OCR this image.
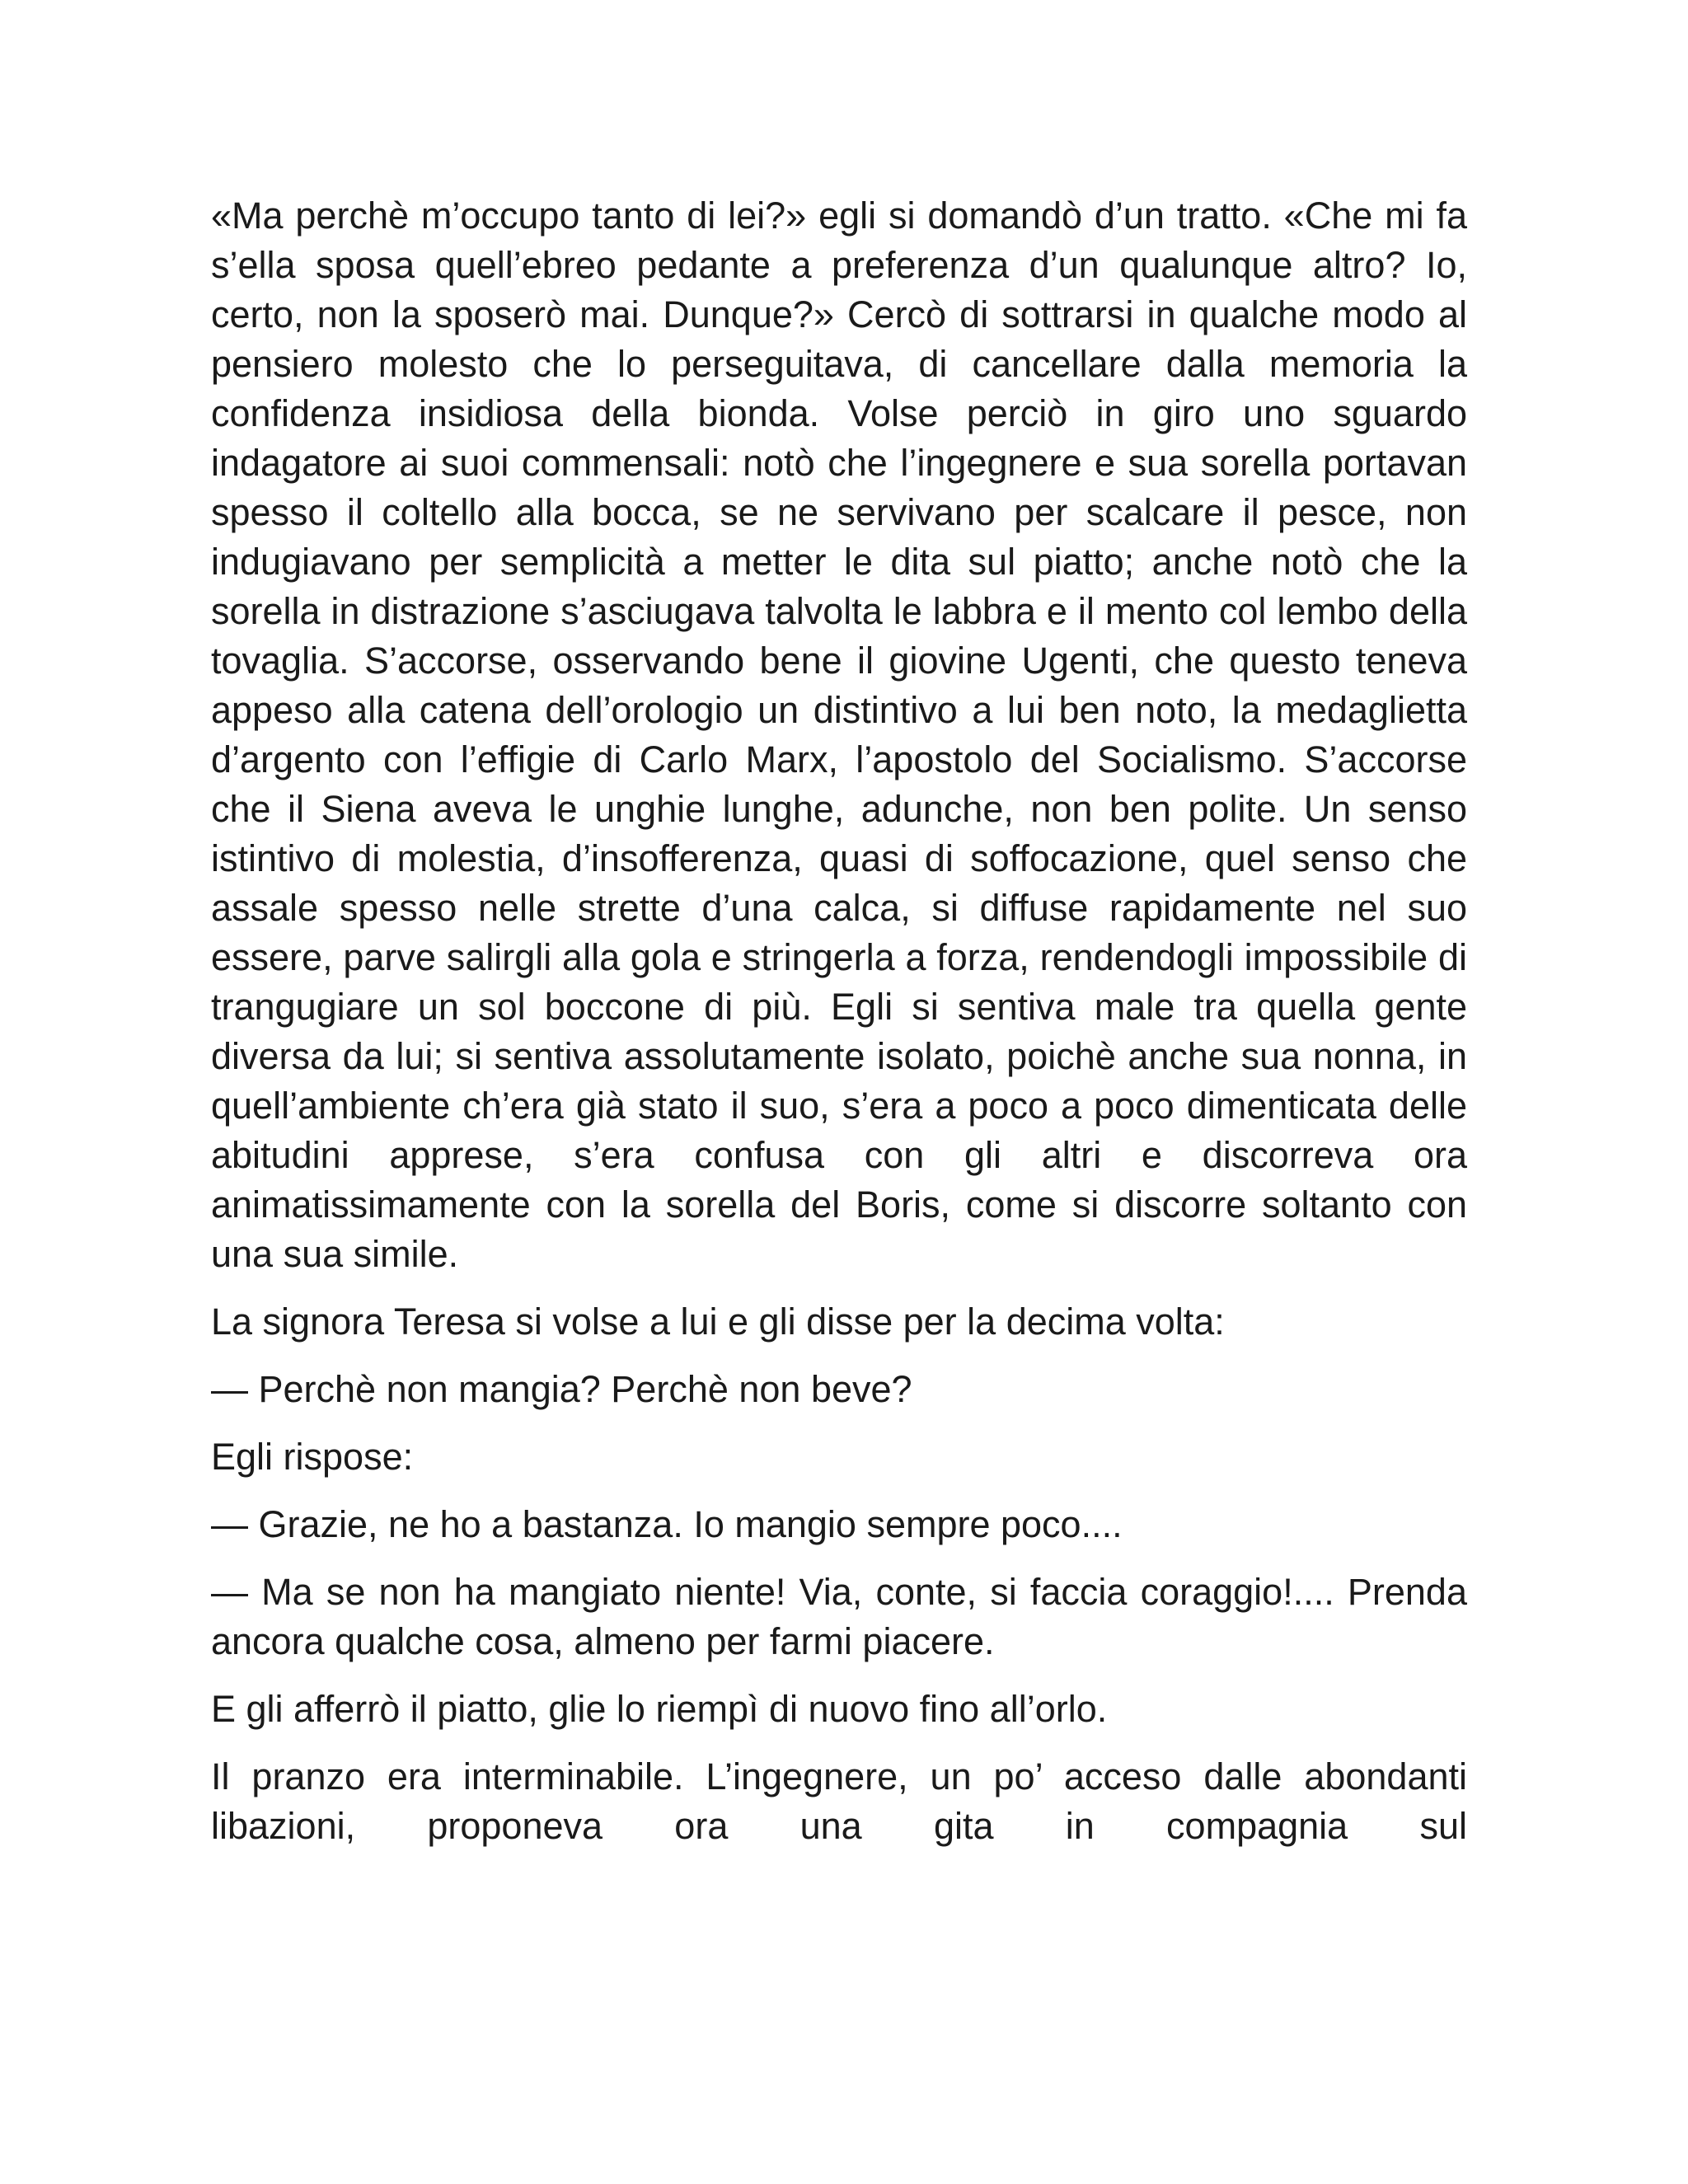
«Ma perchè m’occupo tanto di lei?» egli si domandò d’un tratto. «Che mi fa s’ella sposa quell’ebreo pedante a preferenza d’un qualunque altro? Io, certo, non la sposerò mai. Dunque?» Cercò di sottrarsi in qualche modo al pensiero molesto che lo perseguitava, di cancellare dalla memoria la confidenza insidiosa della bionda. Volse perciò in giro uno sguardo indagatore ai suoi commensali: notò che l’ingegnere e sua sorella portavan spesso il coltello alla bocca, se ne servivano per scalcare il pesce, non indugiavano per semplicità a metter le dita sul piatto; anche notò che la sorella in distrazione s’asciugava talvolta le labbra e il mento col lembo della tovaglia. S’accorse, osservando bene il giovine Ugenti, che questo teneva appeso alla catena dell’orologio un distintivo a lui ben noto, la medaglietta d’argento con l’effigie di Carlo Marx, l’apostolo del Socialismo. S’accorse che il Siena aveva le unghie lunghe, adunche, non ben polite. Un senso istintivo di molestia, d’insofferenza, quasi di soffocazione, quel senso che assale spesso nelle strette d’una calca, si diffuse rapidamente nel suo essere, parve salirgli alla gola e stringerla a forza, rendendogli impossibile di trangugiare un sol boccone di più. Egli si sentiva male tra quella gente diversa da lui; si sentiva assolutamente isolato, poichè anche sua nonna, in quell’ambiente ch’era già stato il suo, s’era a poco a poco dimenticata delle abitudini apprese, s’era confusa con gli altri e discorreva ora animatissimamente con la sorella del Boris, come si discorre soltanto con una sua simile.

La signora Teresa si volse a lui e gli disse per la decima volta:

— Perchè non mangia? Perchè non beve?

Egli rispose:

— Grazie, ne ho a bastanza. Io mangio sempre poco....

— Ma se non ha mangiato niente! Via, conte, si faccia coraggio!.... Prenda ancora qualche cosa, almeno per farmi piacere.

E gli afferrò il piatto, glie lo riempì di nuovo fino all’orlo.

Il pranzo era interminabile. L’ingegnere, un po’ acceso dalle abondanti libazioni, proponeva ora una gita in compagnia sul
